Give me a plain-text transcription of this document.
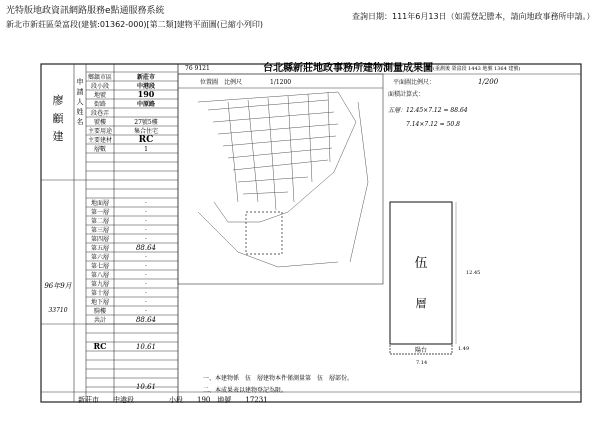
光特版地政資訊網路服務e點通服務系統
新北市新莊區榮富段(建號:01362-000)[第二類]建物平面圖(已縮小列印)
查詢日期：111年6月13日（如需登記謄本，請向地政事務所申請。）
申
請
人
姓
名
廖
顧
建
鄉鎮市區	新莊市
段小段	中港段
地號	190
街路	中原路
段巷弄
號樓	27號5樓
主要用途	集合住宅
主要建材	RC
層數	1
地面層	·
第一層	·
第二層	·
第三層	·
第四層	·
第五層	88.64
第六層	·
第七層	·
第八層	·
第九層	·
第十層	·
地下層	·
騎樓	·
共計	88.64
RC	10.61
10.61
96年9月
33710
76 9121	台北縣新莊地政事務所建物測量成果圖 (重測後 榮富段 1443 地號 1364 建號)
位置圖　比例尺	1/1200	平面圖比例尺：	1/200
面積計算式：
五層：12.45×7.12 = 88.64
　　　7.14×7.12 = 50.8
伍
層
陽台
12.45
7.14
1.49
一、本建物係　伍　層建物本件僅測量第　伍　層部份。
二、本成果表以建物登記為限。
新莊市　　中港段　　　　　小段　　190　地號　　17231
